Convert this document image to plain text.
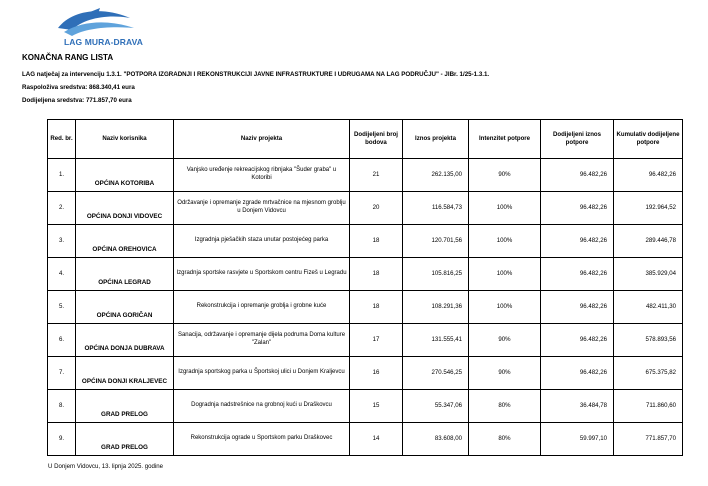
LAG MURA-DRAVA
KONAČNA RANG LISTA
LAG natječaj za intervenciju 1.3.1. "POTPORA IZGRADNJI I REKONSTRUKCIJI JAVNE INFRASTRUKTURE I UDRUGAMA NA LAG PODRUČJU" - JIBr. 1/25-1.3.1.
Raspoloživa sredstva: 868.340,41 eura
Dodijeljena sredstva: 771.857,70 eura
Red. br.	Naziv korisnika	Naziv projekta	Dodijeljeni broj bodova	Iznos projekta	Intenzitet potpore	Dodijeljeni iznos potpore	Kumulativ dodijeljene potpore
1.	OPĆINA KOTORIBA	Vanjsko uređenje rekreacijskog ribnjaka "Šuder graba" u Kotoribi	21	262.135,00	90%	96.482,26	96.482,26
2.	OPĆINA DONJI VIDOVEC	Održavanje i opremanje zgrade mrtvačnice na mjesnom groblju u Donjem Vidovcu	20	116.584,73	100%	96.482,26	192.964,52
3.	OPĆINA OREHOVICA	Izgradnja pješačkih staza unutar postojećeg parka	18	120.701,56	100%	96.482,26	289.446,78
4.	OPĆINA LEGRAD	Izgradnja sportske rasvjete u Sportskom centru Fizeš u Legradu	18	105.816,25	100%	96.482,26	385.929,04
5.	OPĆINA GORIČAN	Rekonstrukcija i opremanje groblja i grobne kuće	18	108.291,36	100%	96.482,26	482.411,30
6.	OPĆINA DONJA DUBRAVA	Sanacija, održavanje i opremanje dijela podruma Doma kulture "Zalan"	17	131.555,41	90%	96.482,26	578.893,56
7.	OPĆINA DONJI KRALJEVEC	Izgradnja sportskog parka u Športskoj ulici u Donjem Kraljevcu	16	270.546,25	90%	96.482,26	675.375,82
8.	GRAD PRELOG	Dogradnja nadstrešnice na grobnoj kući u Draškovcu	15	55.347,06	80%	36.484,78	711.860,60
9.	GRAD PRELOG	Rekonstrukcija ograde u Sportskom parku Draškovec	14	83.608,00	80%	59.997,10	771.857,70
U Donjem Vidovcu, 13. lipnja 2025. godine
